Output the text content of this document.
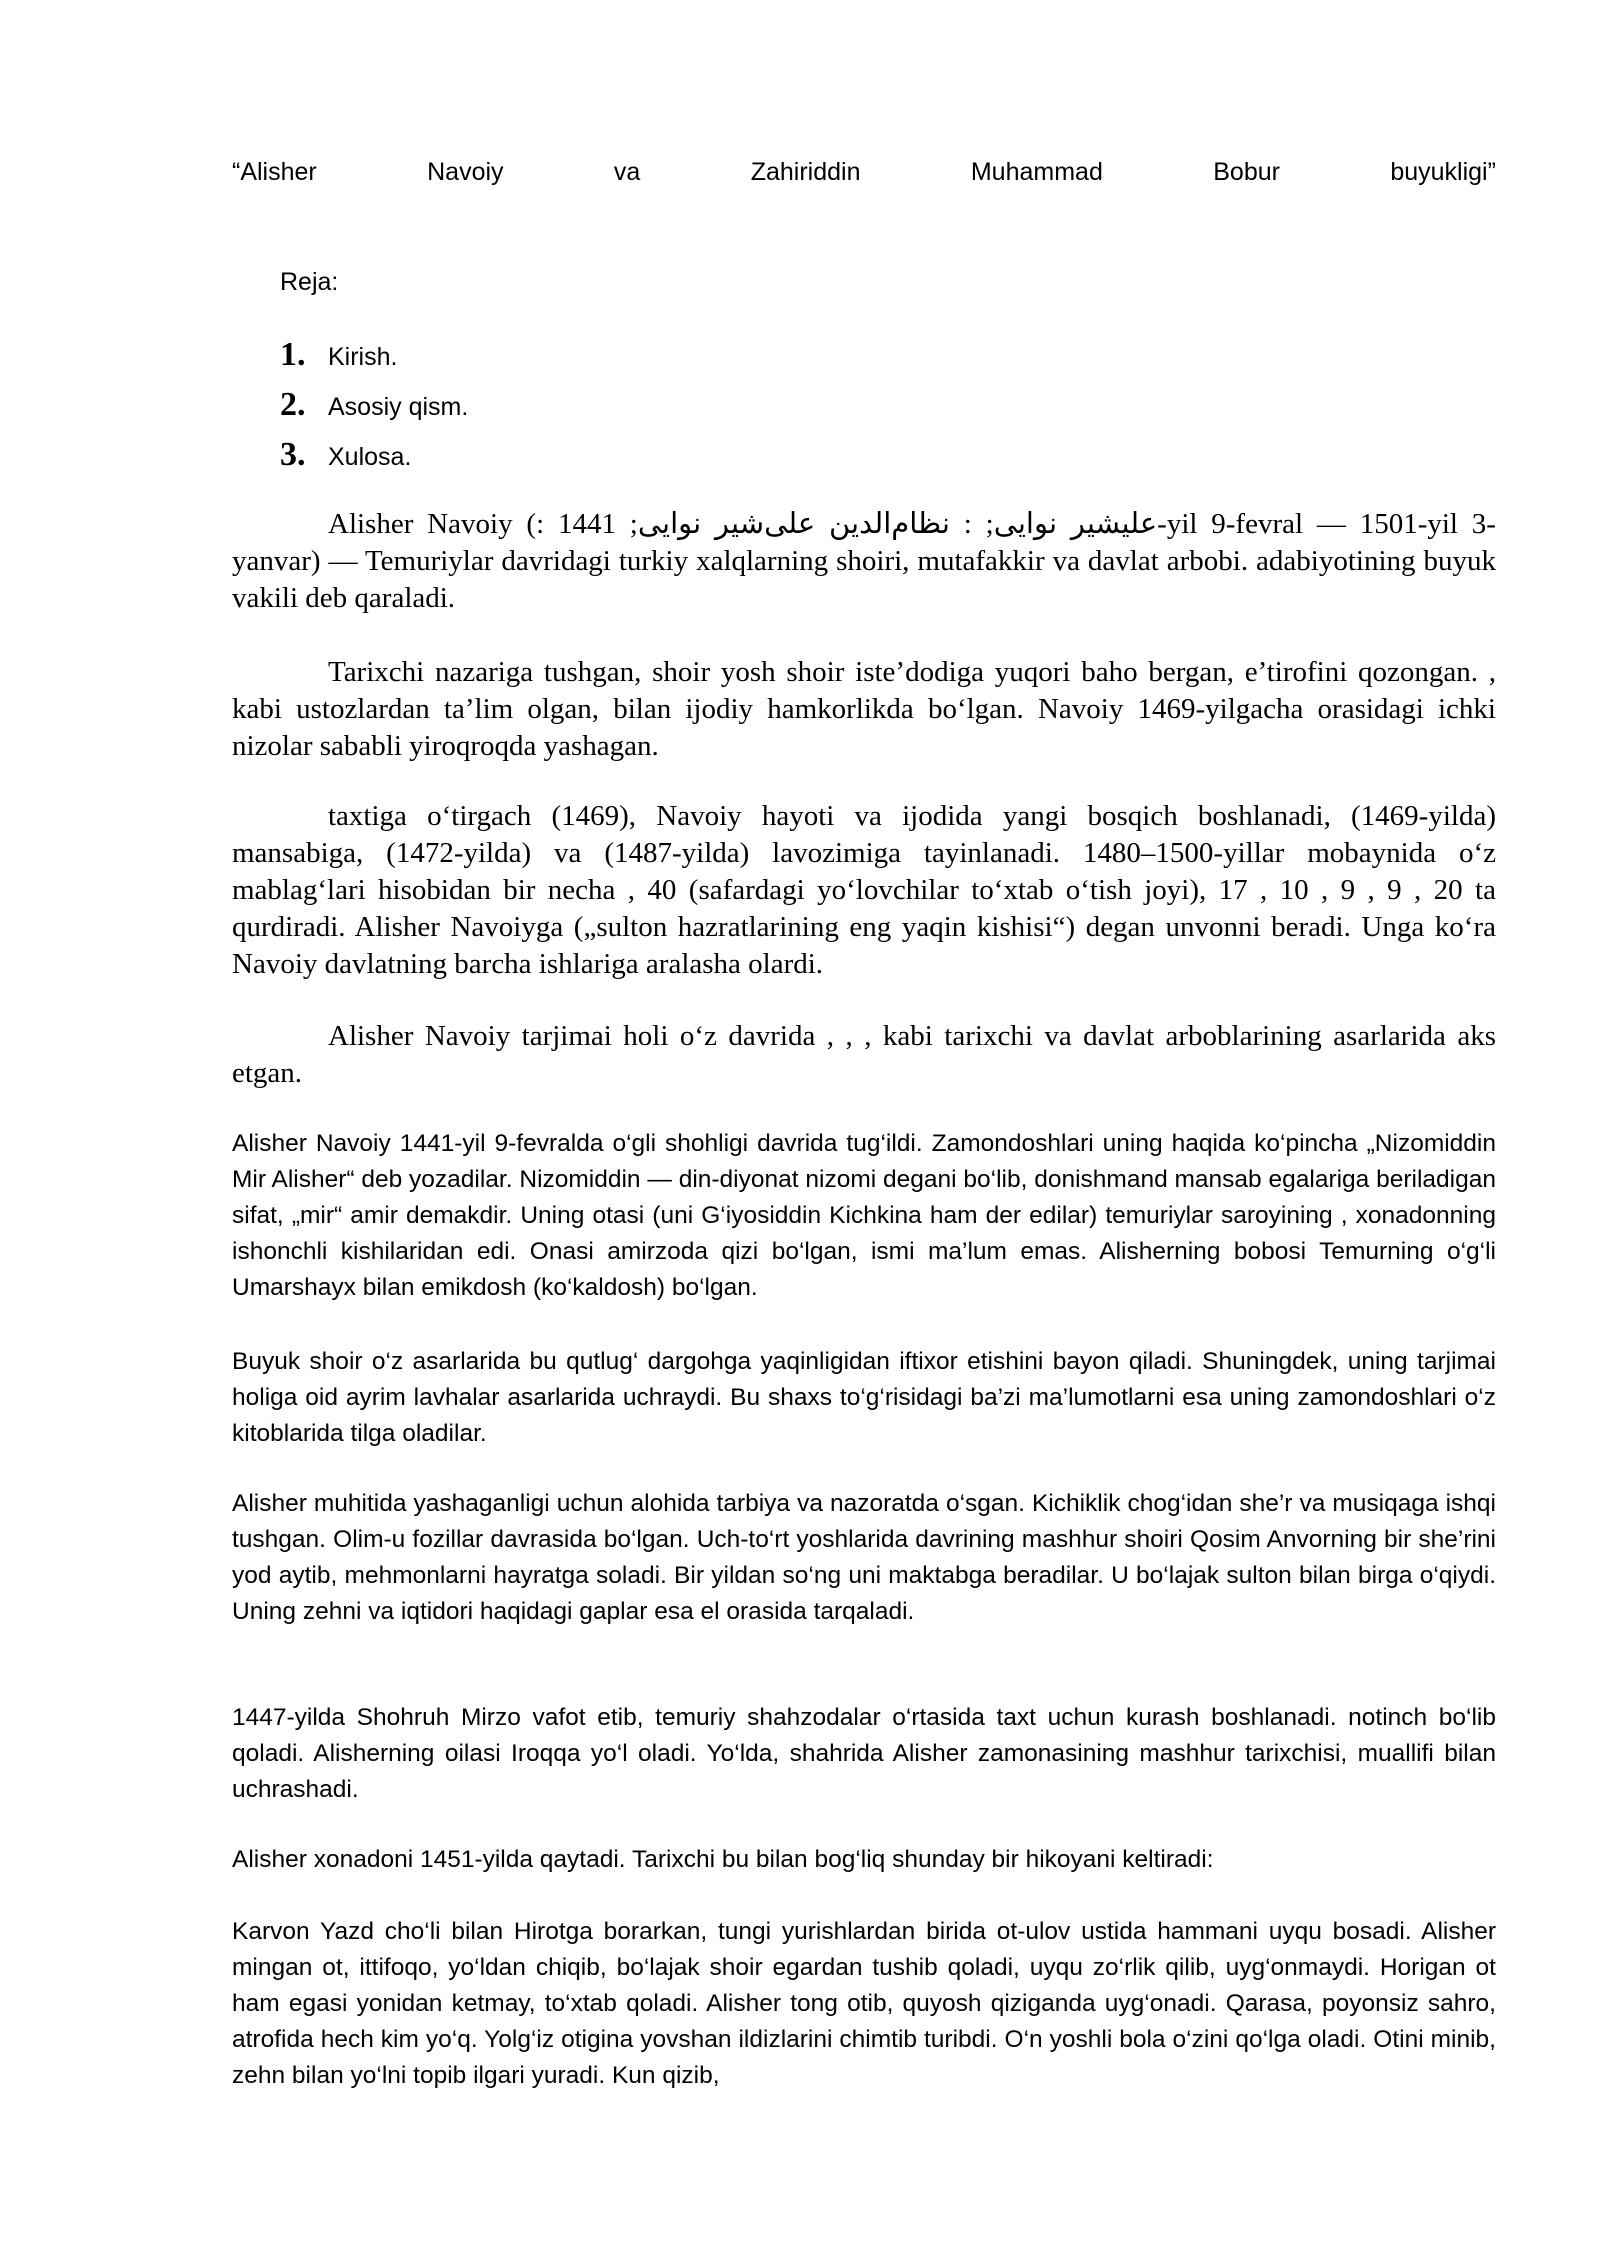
“Alisher	Navoiy	va	Zahiriddin	Muhammad	Bobur	buyukligi”
Reja:
1. Kirish.
2. Asosiy qism.
3. Xulosa.

Alisher Navoiy (:	علیشیر نوایی; : نظام‌الدین علی‌شیر نوایی; 1441-yil 9-fevral — 1501-yil 3-yanvar) — Temuriylar davridagi turkiy xalqlarning shoiri, mutafakkir va davlat arbobi. adabiyotining buyuk vakili deb qaraladi.

Tarixchi nazariga tushgan, shoir yosh shoir iste’dodiga yuqori baho bergan, e’tirofini qozongan. , kabi ustozlardan ta’lim olgan, bilan ijodiy hamkorlikda bo‘lgan. Navoiy 1469-yilgacha orasidagi ichki nizolar sababli yiroqroqda yashagan.

taxtiga o‘tirgach (1469), Navoiy hayoti va ijodida yangi bosqich boshlanadi, (1469-yilda) mansabiga, (1472-yilda) va (1487-yilda) lavozimiga tayinlanadi. 1480–1500-yillar mobaynida o‘z mablag‘lari hisobidan bir necha , 40 (safardagi yo‘lovchilar to‘xtab o‘tish joyi), 17 , 10 , 9 , 9 , 20 ta qurdiradi. Alisher Navoiyga („sulton hazratlarining eng yaqin kishisi“) degan unvonni beradi. Unga ko‘ra Navoiy davlatning barcha ishlariga aralasha olardi.

Alisher Navoiy tarjimai holi o‘z davrida , , , kabi tarixchi va davlat arboblarining asarlarida aks etgan.

Alisher Navoiy 1441-yil 9-fevralda o‘gli shohligi davrida tug‘ildi. Zamondoshlari uning haqida ko‘pincha „Nizomiddin Mir Alisher“ deb yozadilar. Nizomiddin — din-diyonat nizomi degani bo‘lib, donishmand mansab egalariga beriladigan sifat, „mir“ amir demakdir. Uning otasi (uni G‘iyosiddin Kichkina ham der edilar) temuriylar saroyining , xonadonning ishonchli kishilaridan edi. Onasi amirzoda qizi bo‘lgan, ismi ma’lum emas. Alisherning bobosi Temurning o‘g‘li Umarshayx bilan emikdosh (ko‘kaldosh) bo‘lgan.

Buyuk shoir o‘z asarlarida bu qutlug‘ dargohga yaqinligidan iftixor etishini bayon qiladi. Shuningdek, uning tarjimai holiga oid ayrim lavhalar asarlarida uchraydi. Bu shaxs to‘g‘risidagi ba’zi ma’lumotlarni esa uning zamondoshlari o‘z kitoblarida tilga oladilar.

Alisher muhitida yashaganligi uchun alohida tarbiya va nazoratda o‘sgan. Kichiklik chog‘idan she’r va musiqaga ishqi tushgan. Olim-u fozillar davrasida bo‘lgan. Uch-to‘rt yoshlarida davrining mashhur shoiri Qosim Anvorning bir she’rini yod aytib, mehmonlarni hayratga soladi. Bir yildan so‘ng uni maktabga beradilar. U bo‘lajak sulton bilan birga o‘qiydi. Uning zehni va iqtidori haqidagi gaplar esa el orasida tarqaladi.

1447-yilda Shohruh Mirzo vafot etib, temuriy shahzodalar o‘rtasida taxt uchun kurash boshlanadi. notinch bo‘lib qoladi. Alisherning oilasi Iroqqa yo‘l oladi. Yo‘lda, shahrida Alisher zamonasining mashhur tarixchisi, muallifi bilan uchrashadi.

Alisher xonadoni 1451-yilda qaytadi. Tarixchi bu bilan bog‘liq shunday bir hikoyani keltiradi:

Karvon Yazd cho‘li bilan Hirotga borarkan, tungi yurishlardan birida ot-ulov ustida hammani uyqu bosadi. Alisher mingan ot, ittifoqo, yo‘ldan chiqib, bo‘lajak shoir egardan tushib qoladi, uyqu zo‘rlik qilib, uyg‘onmaydi. Horigan ot ham egasi yonidan ketmay, to‘xtab qoladi. Alisher tong otib, quyosh qiziganda uyg‘onadi. Qarasa, poyonsiz sahro, atrofida hech kim yo‘q. Yolg‘iz otigina yovshan ildizlarini chimtib turibdi. O‘n yoshli bola o‘zini qo‘lga oladi. Otini minib, zehn bilan yo‘lni topib ilgari yuradi. Kun qizib,
